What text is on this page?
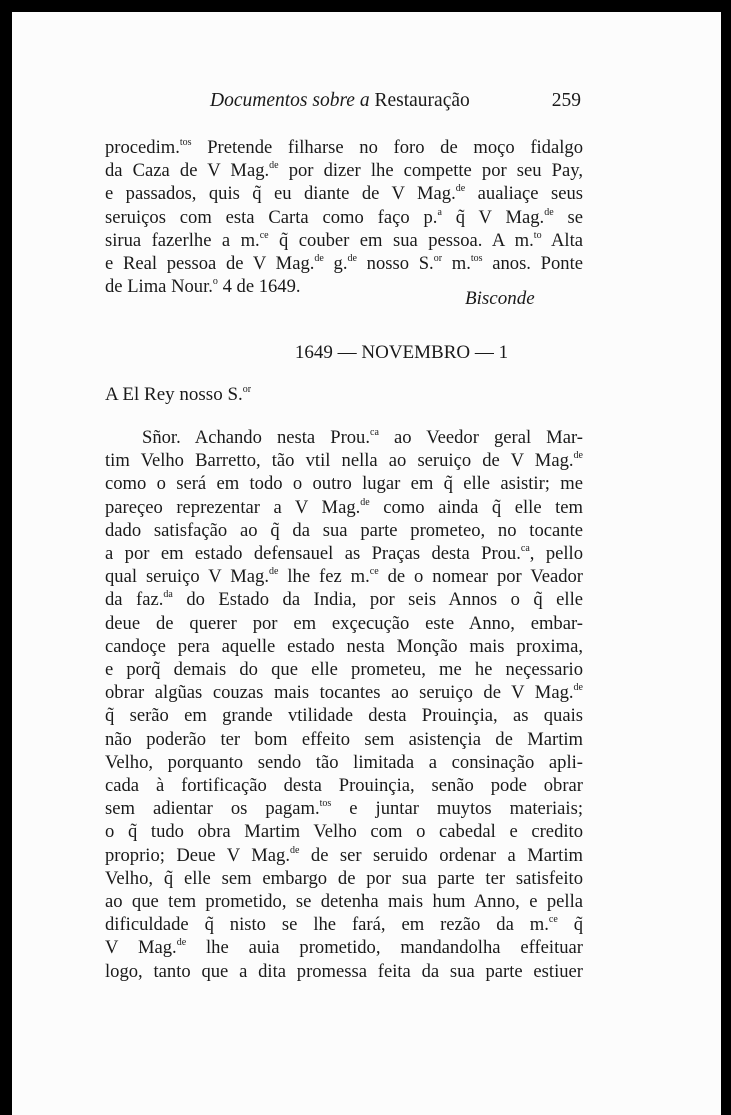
Documentos sobre a Restauração	259
procedim.$^{tos}$ Pretende filharse no foro de moço fidalgo
da Caza de V Mag.$^{de}$ por dizer lhe compette por seu Pay,
e passados, quis q̃ eu diante de V Mag.$^{de}$ aualiaçe seus
seruiços com esta Carta como faço p.$^a$ q̃ V Mag.$^{de}$ se
sirua fazerlhe a m.$^{ce}$ q̃ couber em sua pessoa. A m.$^{to}$ Alta
e Real pessoa de V Mag.$^{de}$ g.$^{de}$ nosso S.$^{or}$ m.$^{tos}$ anos. Ponte
de Lima Nour.$^o$ 4 de 1649.
Bisconde
1649 — NOVEMBRO — 1
A El Rey nosso S.$^{or}$
Sñor. Achando nesta Prou.$^{ca}$ ao Veedor geral Mar-
tim Velho Barretto, tão vtil nella ao seruiço de V Mag.$^{de}$
como o será em todo o outro lugar em q̃ elle asistir; me
pareçeo reprezentar a V Mag.$^{de}$ como ainda q̃ elle tem
dado satisfação ao q̃ da sua parte prometeo, no tocante
a por em estado defensauel as Praças desta Prou.$^{ca}$, pello
qual seruiço V Mag.$^{de}$ lhe fez m.$^{ce}$ de o nomear por Veador
da faz.$^{da}$ do Estado da India, por seis Annos o q̃ elle
deue de querer por em exçecução este Anno, embar-
candoçe pera aquelle estado nesta Monção mais proxima,
e porq̃ demais do que elle prometeu, me he neçessario
obrar algũas couzas mais tocantes ao seruiço de V Mag.$^{de}$
q̃ serão em grande vtilidade desta Prouinçia, as quais
não poderão ter bom effeito sem asistençia de Martim
Velho, porquanto sendo tão limitada a consinação apli-
cada à fortificação desta Prouinçia, senão pode obrar
sem adientar os pagam.$^{tos}$ e juntar muytos materiais;
o q̃ tudo obra Martim Velho com o cabedal e credito
proprio; Deue V Mag.$^{de}$ de ser seruido ordenar a Martim
Velho, q̃ elle sem embargo de por sua parte ter satisfeito
ao que tem prometido, se detenha mais hum Anno, e pella
dificuldade q̃ nisto se lhe fará, em rezão da m.$^{ce}$ q̃
V Mag.$^{de}$ lhe auia prometido, mandandolha effeituar
logo, tanto que a dita promessa feita da sua parte estiuer
